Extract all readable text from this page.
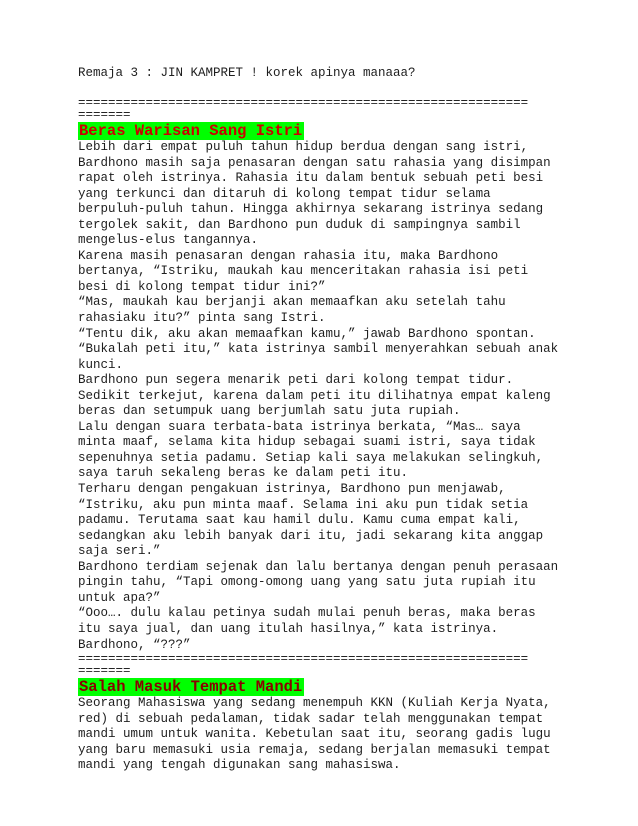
Remaja 3 : JIN KAMPRET ! korek apinya manaaa?
============================================================
=======
Beras Warisan Sang Istri
Lebih dari empat puluh tahun hidup berdua dengan sang istri,
Bardhono masih saja penasaran dengan satu rahasia yang disimpan
rapat oleh istrinya. Rahasia itu dalam bentuk sebuah peti besi
yang terkunci dan ditaruh di kolong tempat tidur selama
berpuluh-puluh tahun. Hingga akhirnya sekarang istrinya sedang
tergolek sakit, dan Bardhono pun duduk di sampingnya sambil
mengelus-elus tangannya.
Karena masih penasaran dengan rahasia itu, maka Bardhono
bertanya, “Istriku, maukah kau menceritakan rahasia isi peti
besi di kolong tempat tidur ini?”
“Mas, maukah kau berjanji akan memaafkan aku setelah tahu
rahasiaku itu?” pinta sang Istri.
“Tentu dik, aku akan memaafkan kamu,” jawab Bardhono spontan.
“Bukalah peti itu,” kata istrinya sambil menyerahkan sebuah anak
kunci.
Bardhono pun segera menarik peti dari kolong tempat tidur.
Sedikit terkejut, karena dalam peti itu dilihatnya empat kaleng
beras dan setumpuk uang berjumlah satu juta rupiah.
Lalu dengan suara terbata-bata istrinya berkata, “Mas… saya
minta maaf, selama kita hidup sebagai suami istri, saya tidak
sepenuhnya setia padamu. Setiap kali saya melakukan selingkuh,
saya taruh sekaleng beras ke dalam peti itu.
Terharu dengan pengakuan istrinya, Bardhono pun menjawab,
“Istriku, aku pun minta maaf. Selama ini aku pun tidak setia
padamu. Terutama saat kau hamil dulu. Kamu cuma empat kali,
sedangkan aku lebih banyak dari itu, jadi sekarang kita anggap
saja seri.”
Bardhono terdiam sejenak dan lalu bertanya dengan penuh perasaan
pingin tahu, “Tapi omong-omong uang yang satu juta rupiah itu
untuk apa?”
“Ooo…. dulu kalau petinya sudah mulai penuh beras, maka beras
itu saya jual, dan uang itulah hasilnya,” kata istrinya.
Bardhono, “???”
============================================================
=======
Salah Masuk Tempat Mandi
Seorang Mahasiswa yang sedang menempuh KKN (Kuliah Kerja Nyata,
red) di sebuah pedalaman, tidak sadar telah menggunakan tempat
mandi umum untuk wanita. Kebetulan saat itu, seorang gadis lugu
yang baru memasuki usia remaja, sedang berjalan memasuki tempat
mandi yang tengah digunakan sang mahasiswa.
